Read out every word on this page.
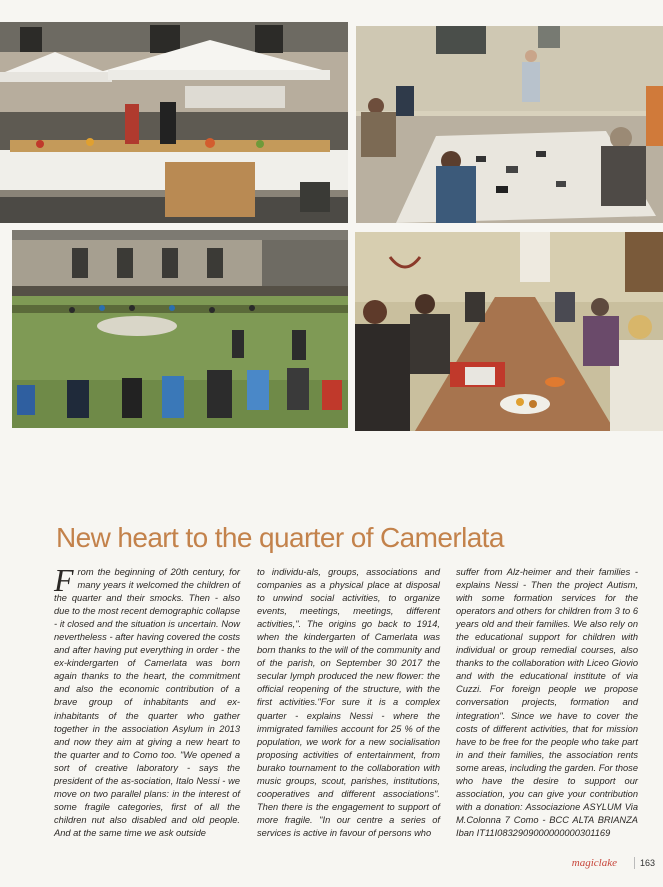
New heart to the quarter of Camerlata
From the beginning of 20th century, for many years it welcomed the children of the quarter and their smocks. Then - also due to the most recent demographic collapse - it closed and the situation is uncertain. Now nevertheless - after having covered the costs and after having put everything in order - the ex-kindergarten of Camerlata was born again thanks to the heart, the commitment and also the economic contribution of a brave group of inhabitants and ex-inhabitants of the quarter who gather together in the association Asylum in 2013 and now they aim at giving a new heart to the quarter and to Como too. "We opened a sort of creative laboratory - says the president of the as-sociation, Italo Nessi - we move on two parallel plans: in the interest of some fragile categories, first of all the children nut also disabled and old people. And at the same time we ask outside
to individu-als, groups, associations and companies as a physical place at disposal to unwind social activities, to organize events, meetings, meetings, different activities,". The origins go back to 1914, when the kindergarten of Camerlata was born thanks to the will of the community and of the parish, on September 30 2017 the secular lymph produced the new flower: the official reopening of the structure, with the first activities."For sure it is a complex quarter - explains Nessi - where the immigrated families account for 25 % of the population, we work for a new socialisation proposing activities of entertainment, from burako tournament to the collaboration with music groups, scout, parishes, institutions, cooperatives and different associations". Then there is the engagement to support of more fragile. "In our centre a series of services is active in favour of persons who
suffer from Alz-heimer and their families - explains Nessi - Then the project Autism, with some formation services for the operators and others for children from 3 to 6 years old and their families. We also rely on the educational support for children with individual or group remedial courses, also thanks to the collaboration with Liceo Giovio and with the educational institute of via Cuzzi. For foreign people we propose conversation projects, formation and integration". Since we have to cover the costs of different activities, that for mission have to be free for the people who take part in and their families, the association rents some areas, including the garden. For those who have the desire to support our association, you can give your contribution with a donation: Associazione ASYLUM Via M.Colonna 7 Como - BCC ALTA BRIANZA Iban IT11I0832909000000000301169
magiclake	163
